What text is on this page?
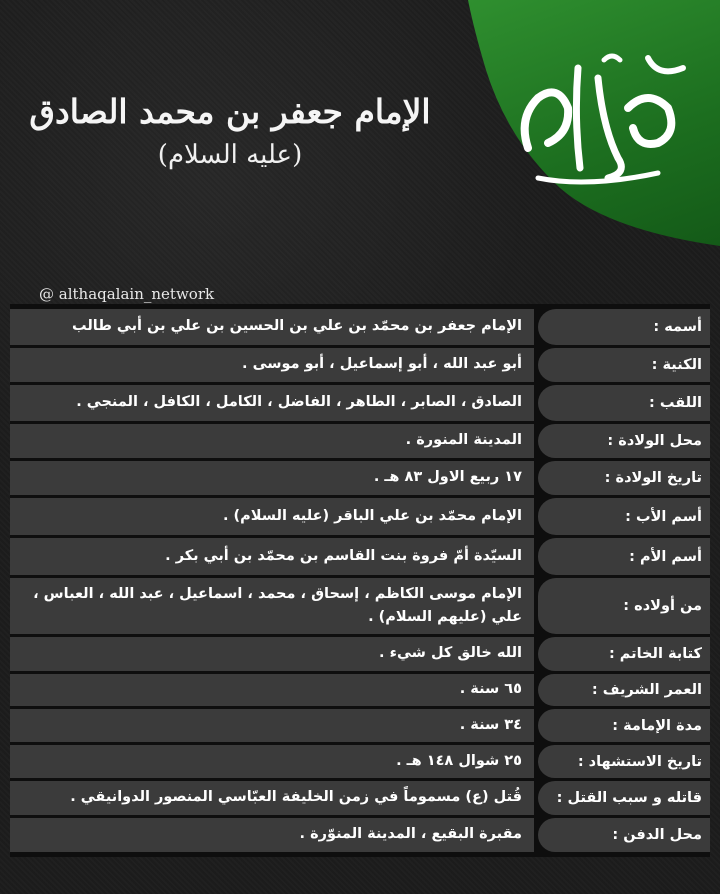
الإمام جعفر بن محمد الصادق
(عليه السلام)
@ althaqalain_network
أسمه :
الإمام جعفر بن محمّد بن علي بن الحسين بن علي بن أبي طالب
الكنية :
أبو عبد الله ، أبو إسماعيل ، أبو موسى .
اللقب :
الصادق ، الصابر ، الطاهر ، الفاضل ، الكامل ، الكافل ، المنجي .
محل الولادة :
المدينة المنورة .
تاريخ الولادة :
١٧ ربيع الاول ٨٣ هـ .
أسم الأب :
الإمام محمّد بن علي الباقر (عليه السلام) .
أسم الأم :
السيّدة أمّ فروة بنت القاسم بن محمّد بن أبي بكر .
من أولاده :
الإمام موسى الكاظم ، إسحاق ، محمد ، اسماعيل ، عبد الله ، العباس ، علي (عليهم السلام) .
كتابة الخاتم :
الله خالق كل شيء .
العمر الشريف :
٦٥ سنة .
مدة الإمامة :
٣٤ سنة .
تاريخ الاستشهاد :
٢٥ شوال ١٤٨ هـ .
قاتله و سبب القتل :
قُتل (ع) مسموماً في زمن الخليفة العبّاسي المنصور الدوانيقي .
محل الدفن :
مقبرة البقيع ، المدينة المنوّرة .
